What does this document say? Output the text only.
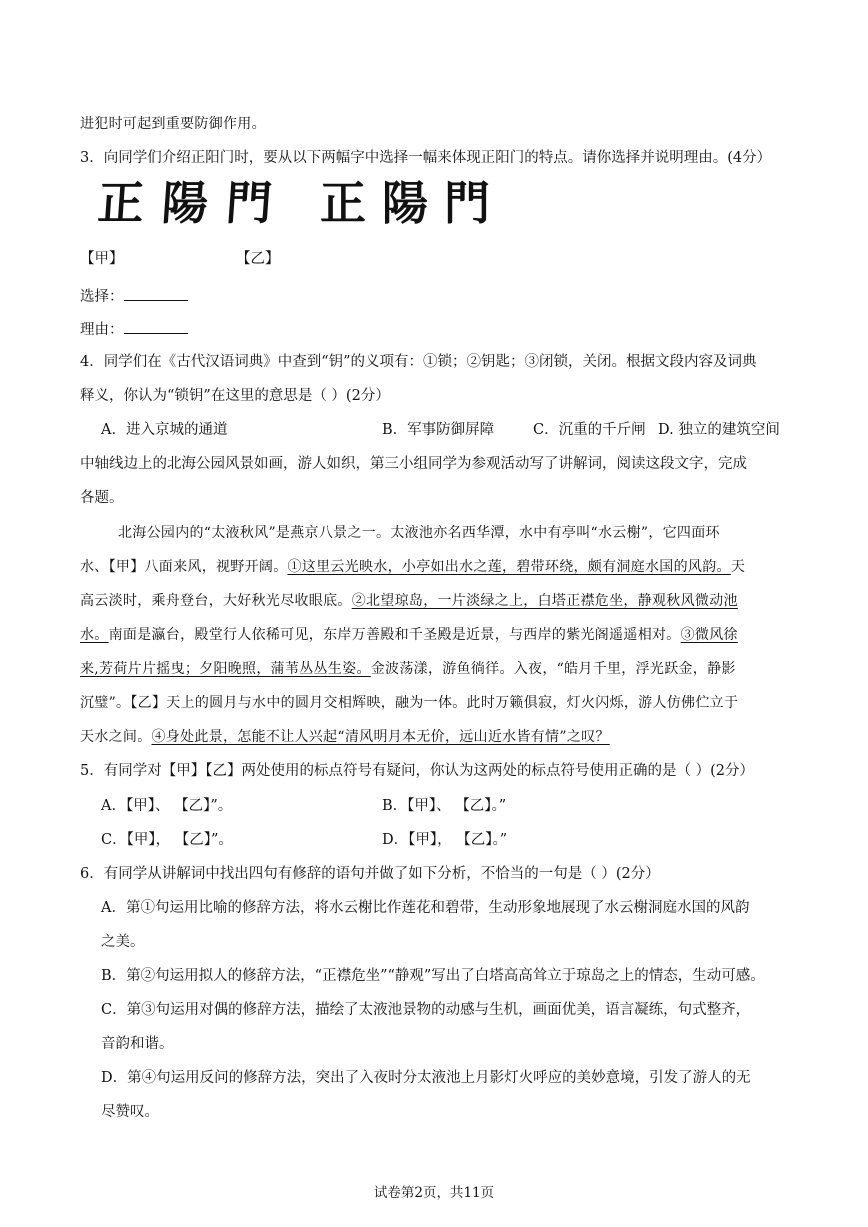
进犯时可起到重要防御作用。
3．向同学们介绍正阳门时，要从以下两幅字中选择一幅来体现正阳门的特点。请你选择并说明理由。(4分）
正陽門 正陽門
【甲】	【乙】
选择：
理由：
4．同学们在《古代汉语词典》中查到“钥”的义项有：①锁；②钥匙；③闭锁，关闭。根据文段内容及词典
释义，你认为“锁钥”在这里的意思是（ ）(2分）
A．进入京城的通道	B．军事防御屏障	C．沉重的千斤闸 D. 独立的建筑空间
中轴线边上的北海公园风景如画，游人如织，第三小组同学为参观活动写了讲解词，阅读这段文字，完成
各题。
北海公园内的“太液秋风”是燕京八景之一。太液池亦名西华潭，水中有亭叫“水云榭”，它四面环
水、【甲】八面来风，视野开阔。①这里云光映水，小亭如出水之莲，碧带环绕，颇有洞庭水国的风韵。天
高云淡时，乘舟登台，大好秋光尽收眼底。②北望琼岛，一片淡绿之上，白塔正襟危坐，静观秋风微动池
水。南面是瀛台，殿堂行人依稀可见，东岸万善殿和千圣殿是近景，与西岸的紫光阁遥遥相对。③微风徐
来,芳荷片片摇曳；夕阳晚照，蒲苇丛丛生姿。金波荡漾，游鱼徜徉。入夜，“皓月千里，浮光跃金，静影
沉璧”。【乙】天上的圆月与水中的圆月交相辉映，融为一体。此时万籁俱寂，灯火闪烁，游人仿佛伫立于
天水之间。④身处此景，怎能不让人兴起“清风明月本无价，远山近水皆有情”之叹？
5．有同学对【甲】【乙】两处使用的标点符号有疑问，你认为这两处的标点符号使用正确的是（ ）(2分）
A．【甲】、 【乙】”。	B．【甲】、 【乙】。”
C．【甲】， 【乙】”。	D．【甲】， 【乙】。”
6．有同学从讲解词中找出四句有修辞的语句并做了如下分析，不恰当的一句是（ ）(2分）
A．第①句运用比喻的修辞方法，将水云榭比作莲花和碧带，生动形象地展现了水云榭洞庭水国的风韵
之美。
B．第②句运用拟人的修辞方法，“正襟危坐”“静观”写出了白塔高高耸立于琼岛之上的情态，生动可感。
C．第③句运用对偶的修辞方法，描绘了太液池景物的动感与生机，画面优美，语言凝练，句式整齐，
音韵和谐。
D．第④句运用反问的修辞方法，突出了入夜时分太液池上月影灯火呼应的美妙意境，引发了游人的无
尽赞叹。
试卷第2页，共11页
